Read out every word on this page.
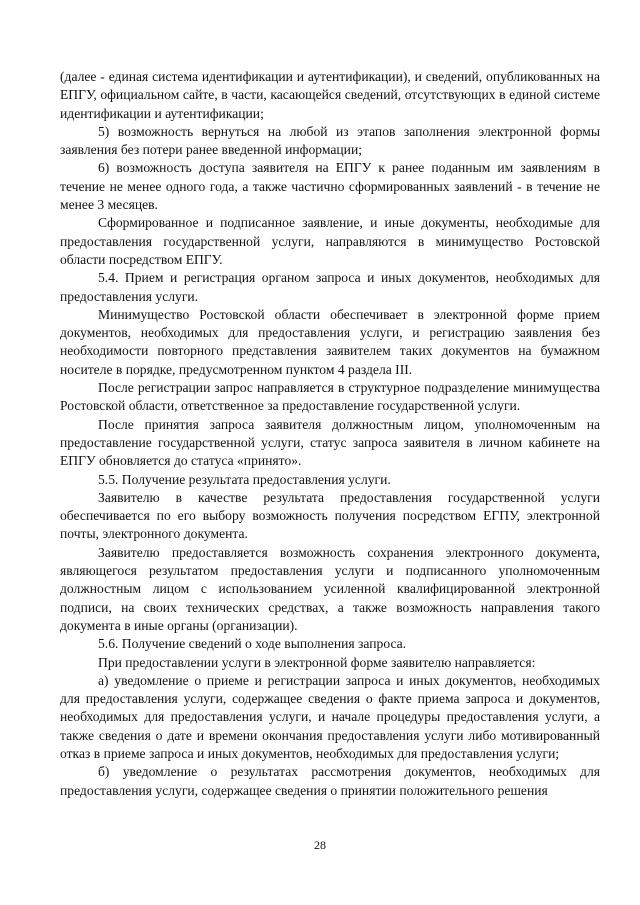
(далее - единая система идентификации и аутентификации), и сведений, опубликованных на ЕПГУ, официальном сайте, в части, касающейся сведений, отсутствующих в единой системе идентификации и аутентификации;

5) возможность вернуться на любой из этапов заполнения электронной формы заявления без потери ранее введенной информации;

6) возможность доступа заявителя на ЕПГУ к ранее поданным им заявлениям в течение не менее одного года, а также частично сформированных заявлений - в течение не менее 3 месяцев.

Сформированное и подписанное заявление, и иные документы, необходимые для предоставления государственной услуги, направляются в минимущество Ростовской области посредством ЕПГУ.

5.4. Прием и регистрация органом запроса и иных документов, необходимых для предоставления услуги.

Минимущество Ростовской области обеспечивает в электронной форме прием документов, необходимых для предоставления услуги, и регистрацию заявления без необходимости повторного представления заявителем таких документов на бумажном носителе в порядке, предусмотренном пунктом 4 раздела III.

После регистрации запрос направляется в структурное подразделение минимущества Ростовской области, ответственное за предоставление государственной услуги.

После принятия запроса заявителя должностным лицом, уполномоченным на предоставление государственной услуги, статус запроса заявителя в личном кабинете на ЕПГУ обновляется до статуса «принято».

5.5. Получение результата предоставления услуги.

Заявителю в качестве результата предоставления государственной услуги обеспечивается по его выбору возможность получения посредством ЕГПУ, электронной почты, электронного документа.

Заявителю предоставляется возможность сохранения электронного документа, являющегося результатом предоставления услуги и подписанного уполномоченным должностным лицом с использованием усиленной квалифицированной электронной подписи, на своих технических средствах, а также возможность направления такого документа в иные органы (организации).

5.6. Получение сведений о ходе выполнения запроса.

При предоставлении услуги в электронной форме заявителю направляется:

а) уведомление о приеме и регистрации запроса и иных документов, необходимых для предоставления услуги, содержащее сведения о факте приема запроса и документов, необходимых для предоставления услуги, и начале процедуры предоставления услуги, а также сведения о дате и времени окончания предоставления услуги либо мотивированный отказ в приеме запроса и иных документов, необходимых для предоставления услуги;

б) уведомление о результатах рассмотрения документов, необходимых для предоставления услуги, содержащее сведения о принятии положительного решения

28
